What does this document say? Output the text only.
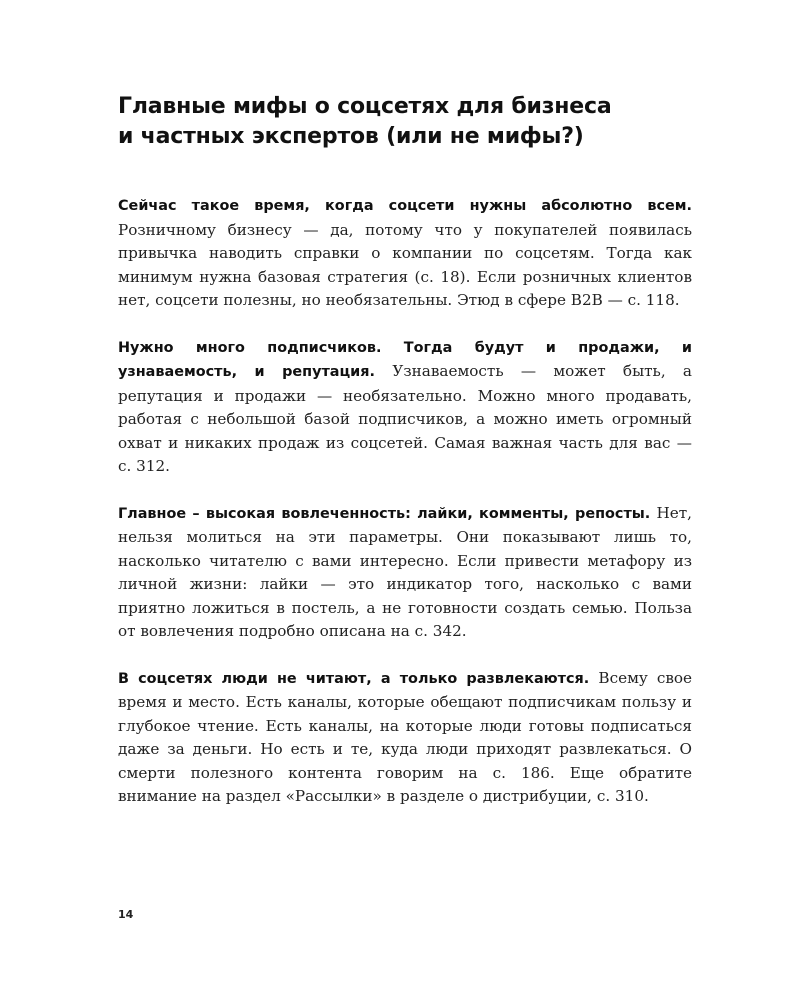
Главные мифы о соцсетях для бизнеса
и частных экспертов (или не мифы?)

Сейчас такое время, когда соцсети нужны абсолютно всем. Розничному бизнесу — да, потому что у покупателей появилась привычка наводить справки о компании по соцсетям. Тогда как минимум нужна базовая стратегия (с. 18). Если розничных клиентов нет, соцсети полезны, но необязательны. Этюд в сфере B2B — с. 118.

Нужно много подписчиков. Тогда будут и продажи, и узнаваемость, и репутация. Узнаваемость — может быть, а репутация и продажи — необязательно. Можно много продавать, работая с небольшой базой подписчиков, а можно иметь огромный охват и никаких продаж из соцсетей. Самая важная часть для вас — с. 312.

Главное – высокая вовлеченность: лайки, комменты, репосты. Нет, нельзя молиться на эти параметры. Они показывают лишь то, насколько читателю с вами интересно. Если привести метафору из личной жизни: лайки — это индикатор того, насколько с вами приятно ложиться в постель, а не готовности создать семью. Польза от вовлечения подробно описана на с. 342.

В соцсетях люди не читают, а только развлекаются. Всему свое время и место. Есть каналы, которые обещают подписчикам пользу и глубокое чтение. Есть каналы, на которые люди готовы подписаться даже за деньги. Но есть и те, куда люди приходят развлекаться. О смерти полезного контента говорим на с. 186. Еще обратите внимание на раздел «Рассылки» в разделе о дистрибуции, с. 310.

14
